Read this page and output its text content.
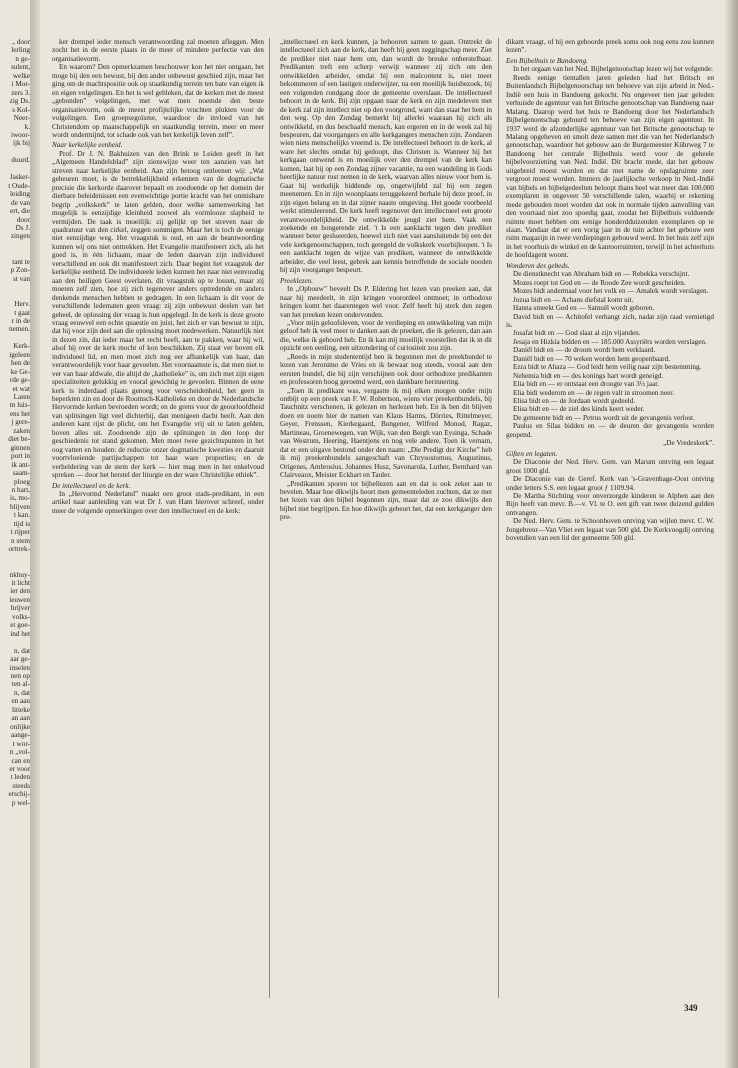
., door

lerling

n ge-

sulent,

welke

i Mor-

zers 3.

zig Ds.

s Kol-

Neer-

k.

iwoor-

ijk bij

duurd.

Jasker-

t Oude-

leiding

de van

ert, die

door

Ds J.

zingen

tant te

p Zon-

st van

Herv.

t gaat

r in de

nemen.

Kerk-

igeleen

hen de

ke Ge-

rde ge-

et wat

Laten

m luis-

ens het

j gere-

zaken

diet be-

ginnen

port in

ik ant-

saam-

ploeg

n hart,

is, mo-

blijven

t kan.

tijd is

t rijper

n stem

orttrek-

nkhuy-

it licht

ier den

ieuwen

hrijver

volks-

et goe-

ind het

n, dat

aar ge-

inselen

nen op

ten al-

n, dat

en aan

litieke

an aan

onlijke

aange-

t wor-

n „vol-

can en

er voor

t leden

steeds

erschij-

p wel-

ker drempel ieder mensch verantwoording zal moeten afleggen. Men zocht het in de eerste plaats in de meer of mindere perfectie van den organisatievorm.

En waarom? Den opmerkzamen beschouwer kon het niet ontgaan, het moge bij den een bewust, bij den ander onbewust geschied zijn, maar het ging om de machtspositie ook op staatkundig terrein ten bate van eigen ik en eigen volgelingen. En het is wel gebleken, dat de kerken met de meest „gebonden” volgelingen, met wat men noemde den beste organisatievorm, ook de meest profijtelijke vruchten plukten voor de volgelingen. Een groepsegoïsme, waardoor de invloed van het Christendom op maatschappelijk en staatkundig terrein, meer en meer wordt ondermijnd, tot schade ook van het kerkelijk leven zelf”.

Naar kerkelijke eenheid.

Prof. Dr J. N. Bakhuizen van den Brink te Leiden geeft in het „Algemeen Handelsblad” zijn zienswijze weer ten aanzien van het streven naar kerkelijke eenheid. Aan zijn betoog ontleenen wij: „Wat gebeuren moet, is de betrekkelijkheid erkennen van de dogmatische precisie die kerkorde daarover bepaalt en zoodoende op het domein der dierbare beleidenissen een evenwichtige portie kracht van het onmisbare begrip „volkskerk” te laten gelden, door welke samenwerking het mogelijk is eenzijdige kleinheid zoowel als vormlooze slapheid te vermijden. De taak is moeilijk: zij gelijkt op het streven naar de quadratuur van den cirkel, zeggen sommigen. Maar het is toch de eenige niet eenzijdige weg. Het vraagstuk is oud, en aan de beantwoording kunnen wij ons niet onttrekken. Het Evangelie manifesteert zich, als het goed is, in één lichaam, maar de leden daarvan zijn individueel verschillend en ook dit manifesteert zich. Daar begint het vraagstuk der kerkelijke eenheid. De individueele leden kunnen het naar niet eenvoudig aan den heiligen Geest overlaten, dit vraagstuk op te lossen, maar zij moeten zelf zien, hoe zij zich tegenover anders optredende en anders denkende menschen hebben te gedragen. In een lichaam is dit voor de verschillende ledematen geen vraag: zij zijn onbewust deelen van het geheel, de oplossing der vraag is hun opgelegd. In de kerk is deze groote vraag eeuwvel een echte quaestie en juist, het zich er van bewust te zijn, dat hij voor zijn deel aan die oplossing moet medewerken. Natuurlijk niet in dezen zin, dat ieder maar het recht heeft, aan te pakken, waar hij wil, alsof hij over de kerk mocht of kon beschikken. Zij staat ver boven elk individueel lid, en men moet zich nog eer afhankelijk van haar, dan verantwoordelijk voor haar gevoelen. Het voornaamste is, dat men niet te ver van haar afdwale, die altijd de „katholieke” is, om zich met zijn eigen specialiteiten gelukkig en vooral gewichtig te gevoelen. Binnen de eene kerk is inderdaad plaats genoeg voor verscheidenheid, het geen in beperkten zin en door de Roomsch-Katholieke en door de Nederlandsche Hervormde kerken bevroeden wordt; en de grens voor de geoorloofdheid van splitsingen ligt veel dichterbij, dan menigeen dacht heeft. Aan den anderen kant rijst de plicht, om het Evangelie vrij uit te laten gelden, boven alles uit. Zoodoende zijn de splitsingen in den loop der geschiedenis tot stand gekomen. Men moet twee gezichtspunten in het oog vatten en houden: de reductie onzer dogmatische kwesties en daaruit voortvloeiende partijschappen tot haar ware proporties; en de verheldering van de stem der kerk — hier mag men in het enkelvoud spreken — door het herstel der liturgie en der ware Christelijke ethiek”.

De intellectueel en de kerk.

In „Hervormd Nederland” maakt een groot stads-predikant, in een artikel naar aanleiding van wat Dr J. van Ham hierover schreef, onder meer de volgende opmerkingen over den intellectueel en de kerk:

„intellectueel en kerk kunnen, ja behooren samen te gaan. Onttrekt de intellectueel zich aan de kerk, dan heeft hij geen zeggingschap meer. Ziet de prediker niet naar hem om, dan wordt de breuke onherstelbaar. Predikanten treft een scherp verwijt wanneer zij zich om den ontwikkelden arbeider, omdat hij een malcontent is, niet meer bekommeren of een lastigen onderwijzer, na een moeilijk huisbezoek, bij een volgenden rondgang door de gemeente overslaan. De intellectueel behoort in de kerk. Bij zijn opgaan naar de kerk en zijn medeleven met de kerk zal zijn intellect niet op den voorgrond, want dan staat het hem in den weg. Op den Zondag bemerkt hij allerlei waaraan hij zich als ontwikkeld, en dus beschaafd mensch, kan ergeren en in de week zal hij bespeuren, dat voorgangers en alle kerkgangers menschen zijn. Zondaren wien niets menschelijks vreemd is. De intellectueel behoort in de kerk, al ware het slechts omdat hij gedoopt, dus Christen is. Wanneer hij het kerkgaan ontwend is en moeilijk over den drempel van de kerk kan komen, laat hij op een Zondag zijner vacantie, na een wandeling in Gods heerlijke natuur rust nemen in de kerk, waarvan alles nieuw voor hem is. Gaat hij werkelijk biddende op, ongetwijfeld zal hij een zegen meenemen. En in zijn woonplaats teruggekeerd herhale hij deze proef, in zijn eigen belang en in dat zijner naaste omgeving. Het goede voorbeeld werkt stimuleerend. De kerk heeft tegenover den intellectueel een groote verantwoordelijkheid. De ontwikkelde jeugd ziet hem. Vaak een zoekende en hongerende ziel. 't Is een aanklacht tegen den prediker wanneer beter geslueerden, hoewel zich niet vast aansluitende bij een der vele kerkgenootschappen, toch geregeld de volkskerk voorbijloopen. 't Is een aanklacht tegen de wijze van prediken, wanneer de ontwikkelde arbeider, die veel leest, gebrek aan kennis betreffende de sociale nooden bij zijn voorganger bespeurt.

Preeklezen.

In „Opbouw” beveelt Ds P. Eldering het lezen van preeken aan, dat naar hij meedeelt, in zijn kringen voorordeel ontmoet; in orthodoxe kringen komt het daarentegen wel voor. Zelf heeft hij sterk den zegen van het preeken lezen ondervonden.

„Voor mijn geloofsleven, voor de verdieping en ontwikkeling van mijn geloof heb ik veel meer te danken aan de preeken, die ik gelezen, dan aan die, welke ik gehoord heb. En ik kan mij moeilijk voorstellen dat ik in dit opzicht een eenling, een uitzondering of curiositeit zou zijn.

„Reeds in mijn studententijd ben ik begonnen met de preekbundel te lezen van Jeronimo de Vries en ik bewaar nog steeds, vooral aan den eersten bundel, die bij zijn verschijnen ook door orthodoxe predikanten en professoren hoog geroemd werd, een dankbare herinnering.

„Toen ik predikant was, vergastte ik mij elken morgen onder mijn ontbijt op een preek van F. W. Robertson, wiens vier preekenbundels, bij Tauchnitz verschenen, ik gelezen en herlezen heb. En ik ben dit blijven doen en noem hier de namen van Klaus Harms, Dörries, Rittelmeyer, Geyer, Frenssen, Kierkegaard, Bungener, Wilfred Monod, Ragaz, Martineau, Groenewegen, van Wijk, van den Bergh van Eysinga, Schade van Westrum, Heering, Haentjens en nog vele andere. Toen ik vernam, dat er een uitgave bestond onder den naam: „Die Predigt der Kirche” heb ik mij preekenbundels aangeschaft van Chrysostomus, Augustinus, Origenes, Ambrosius, Johannes Husz, Savonarola, Luther, Bernhard van Clairveaux, Meister Eckhart en Tauler.

„Predikanten sporen tot bijbellezen aan en dat is ook zeker aan te bevelen. Maar hoe dikwijls hoort men gemeenteleden zuchten, dat ze met het lezen van den bijbel begonnen zijn, maar dat ze zoo dikwijls den bijbel niet begrijpen. En hoe dikwijls gebeurt het, dat een kerkganger den pre-

dikant vraagt, of hij een gehoorde preek soms ook nog eens zou kunnen lezen”.

Een Bijbelhuis te Bandoeng.

In het orgaan van het Ned. Bijbelgenootschap lezen wij het volgende:

Reeds eenige tientallen jaren geleden had het Britsch en Buitenlandsch Bijbelgenootschap ten behoeve van zijn arbeid in Ned.-Indië een huis in Bandoeng gekocht. Nu ongeveer tien jaar geleden verhuisde de agentuur van het Britsche genootschap van Bandoeng naar Malang. Daarop werd het huis te Bandoeng door het Nederlandsch Bijbelgenootschap gehuurd ten behoeve van zijn eigen agentuur. In 1937 werd de afzonderlijke agentuur van het Britsche genootschap te Malang opgeheven en smolt deze samen met die van het Nederlandsch genootschap, waardoor het gebouw aan de Burgemeester Kührweg 7 te Bandoeng het centrale Bijbelhuis werd voor de geheele bijbelvoorziening van Ned. Indië. Dit bracht mede, dat het gebouw uitgebreid moest worden en dat met name de opslagruimte zeer vergroot moest worden. Immers de jaarlijksche verkoop in Ned.-Indië van bijbels en bijbelgedeelten beloopt thans heel wat meer dan 100.000 exemplaren in ongeveer 50 verschillende talen, waarbij er rekening mede gehouden moet worden dat ook in normale tijden aanvulling van den voorraad niet zoo spoedig gaat, zoodat het Bijbelhuis voldoende ruimte moet hebben om eenige honderdduizenden exemplaren op te slaan. Vandaar dat er een vorig jaar in de tuin achter het gebouw een ruim magazijn in twee verdiepingen gebouwd werd. In het huis zelf zijn in het voorhuis de winkel en de kantoorruimten, terwijl in het achterhuis de hoofdagent woont.

Wonderen des gebeds.

De dienstknecht van Abraham bidt en — Rebekka verschijnt.

Mozes roept tot God en — de Roode Zee wordt gescheiden.

Mozes bidt andermaal voor het volk en — Amalek wordt verslagen.

Jozua bidt en — Achans diefstal komt uit.

Hanna smeekt God en — Samuël wordt geboren.

David bidt en — Achitofel verhangt zich, nadat zijn raad vernietigd is.

Josafat bidt en — God slaat al zijn vijanden.

Jesaja en Hizkia bidden en — 185.000 Assyriërs worden verslagen.

Daniël bidt en — de droom wordt hem verklaard.

Daniël bidt en — 70 weken worden hem geopenbaard.

Ezra bidt te Ahaza — God leidt hem veilig naar zijn bestemming.

Nehemia bidt en — des konings hart wordt geneigd.

Elia bidt en — er ontstaat een droogte van 3½ jaar.

Elia bidt wederom en — de regen valt in stroomen neer.

Elisa bidt en — de Jordaan wordt gedeeld.

Elisa bidt en — de ziel des kinds keert weder.

De gemeente bidt en — Petrus wordt uit de gevangenis verlost.

Paulus en Silas bidden en — de deuren der gevangenis worden geopend.

„De Vredeskerk”.

Giften en legaten.

De Diaconie der Ned. Herv. Gem. van Marum ontving een legaat groot 1000 gld.

De Diaconie van de Geref. Kerk van 's-Gravenhage-Oost ontving onder letters S.S. een legaat groot ƒ 1109.94.

De Martha Stichting voor onverzorgde kinderen te Alphen aan den Rijn heeft van mevr. B.—v. Vl. te O. een gift van twee duizend gulden ontvangen.

De Ned. Herv. Gem. te Schoonhoven ontving van wijlen mevr. C. W. Jongebreur—Van Vliet een legaat van 500 gld. De Kerkvoogdij ontving bovendien van een lid der gemeente 500 gld.

349
